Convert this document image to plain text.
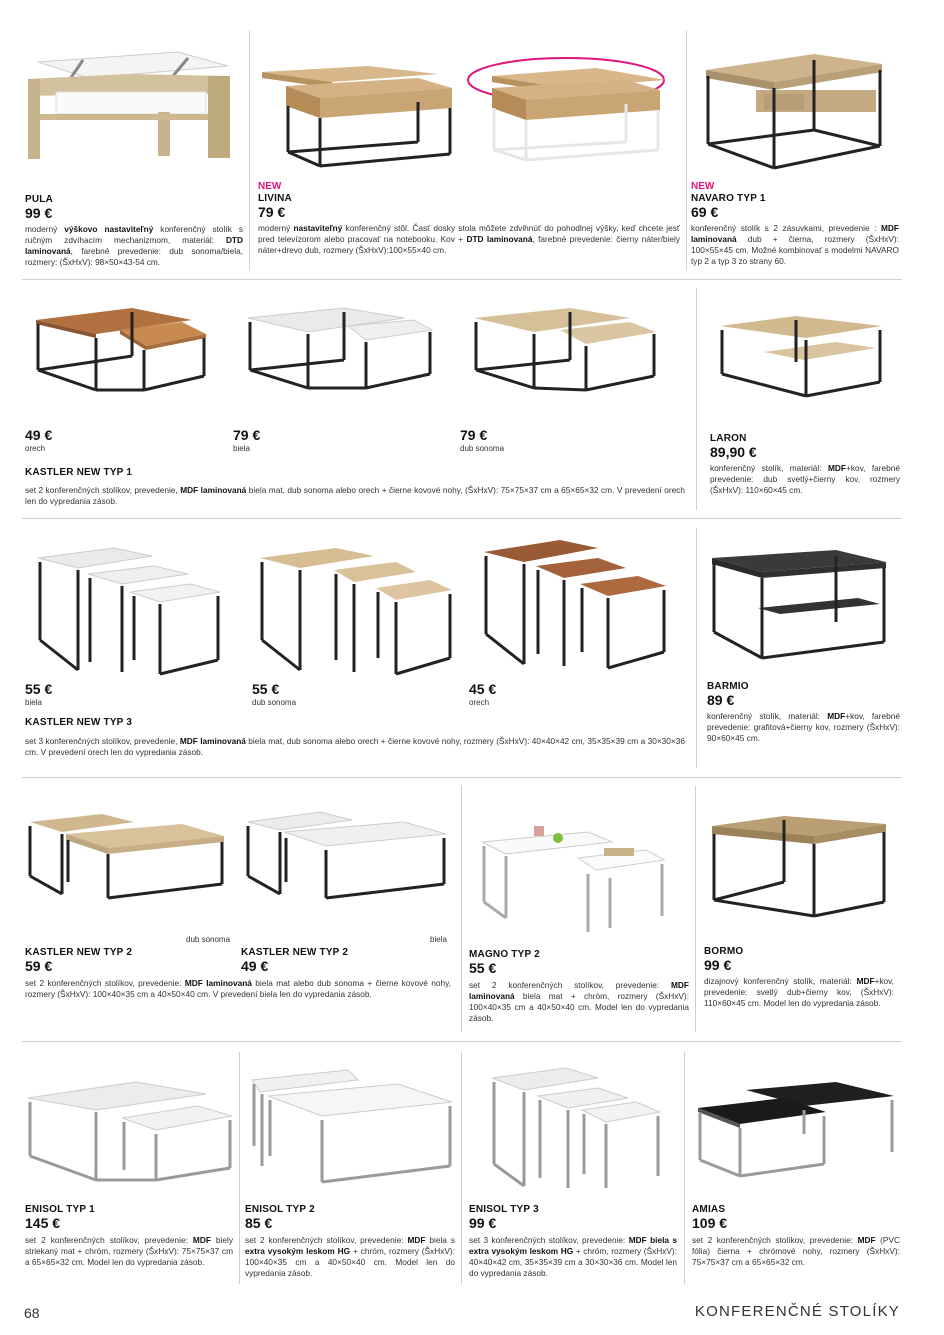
PULA
99 €
moderný výškovo nastaviteľný konferenčný stolík s ručným zdvíhacím mechanizmom, materiál: DTD laminovaná, farebné prevedenie: dub sonoma/biela, rozmery: (ŠxHxV): 98×50×43-54 cm.
NEW
LIVINA
79 €
moderný nastaviteľný konferenčný stôl. Časť dosky stola môžete zdvihnúť do pohodlnej výšky, keď chcete jesť pred televízorom alebo pracovať na notebooku. Kov + DTD laminovaná, farebné prevedenie: čierny náter/biely náter+drevo dub, rozmery (ŠxHxV):100×55×40 cm.
NEW
NAVARO TYP 1
69 €
konferenčný stolík s 2 zásuvkami, prevedenie : MDF laminovaná dub + čierna, rozmery (ŠxHxV): 100×55×45 cm. Možné kombinovať s modelmi NAVARO typ 2 a typ 3 zo strany 60.
49 €
orech
79 €
biela
79 €
dub sonoma
KASTLER NEW TYP 1
set 2 konferenčných stolíkov, prevedenie, MDF laminovaná biela mat, dub sonoma alebo orech + čierne kovové nohy, (ŠxHxV): 75×75×37 cm a 65×65×32 cm. V prevedení orech len do vypredania zásob.
LARON
89,90 €
konferenčný stolík, materiál: MDF+kov, farebné prevedenie: dub svetlý+čierny kov, rozmery (ŠxHxV): 110×60×45 cm.
55 €
biela
55 €
dub sonoma
45 €
orech
KASTLER NEW TYP 3
set 3 konferenčných stolíkov, prevedenie, MDF laminovaná biela mat, dub sonoma alebo orech + čierne kovové nohy, rozmery (ŠxHxV): 40×40×42 cm, 35×35×39 cm a 30×30×36 cm. V prevedení orech len do vypredania zásob.
BARMIO
89 €
konferenčný stolík, materiál: MDF+kov, farebné prevedenie: grafitová+čierny kov, rozmery (ŠxHxV): 90×60×45 cm.
dub sonoma	biela
KASTLER NEW TYP 2
59 €
KASTLER NEW TYP 2
49 €
set 2 konferenčných stolíkov, prevedenie: MDF laminovaná biela mat alebo dub sonoma + čierne kovové nohy, rozmery (ŠxHxV): 100×40×35 cm a 40×50×40 cm. V prevedení biela len do vypredania zásob.
MAGNO TYP 2
55 €
set 2 konferenčných stolíkov, prevedenie: MDF laminovaná biela mat + chróm, rozmery (ŠxHxV): 100×40×35 cm a 40×50×40 cm. Model len do vypredania zásob.
BORMO
99 €
dizajnový konferenčný stolík, materiál: MDF+kov, prevedenie: svetlý dub+čierny kov, (ŠxHxV): 110×60×45 cm. Model len do vypredania zásob.
ENISOL TYP 1
145 €
set 2 konferenčných stolíkov, prevedenie: MDF biely striekaný mat + chróm, rozmery (ŠxHxV): 75×75×37 cm a 65×65×32 cm. Model len do vypredania zásob.
ENISOL TYP 2
85 €
set 2 konferenčných stolíkov, prevedenie: MDF biela s extra vysokým leskom HG + chróm, rozmery (ŠxHxV): 100×40×35 cm a 40×50×40 cm. Model len do vypredania zásob.
ENISOL TYP 3
99 €
set 3 konferenčných stolíkov, prevedenie: MDF biela s extra vysokým leskom HG + chróm, rozmery (ŠxHxV): 40×40×42 cm, 35×35×39 cm a 30×30×36 cm. Model len do vypredania zásob.
AMIAS
109 €
set 2 konferenčných stolíkov, prevedenie: MDF (PVC fólia) čierna + chrómové nohy, rozmery (ŠxHxV): 75×75×37 cm a 65×65×32 cm.
68	KONFERENČNÉ STOLÍKY
